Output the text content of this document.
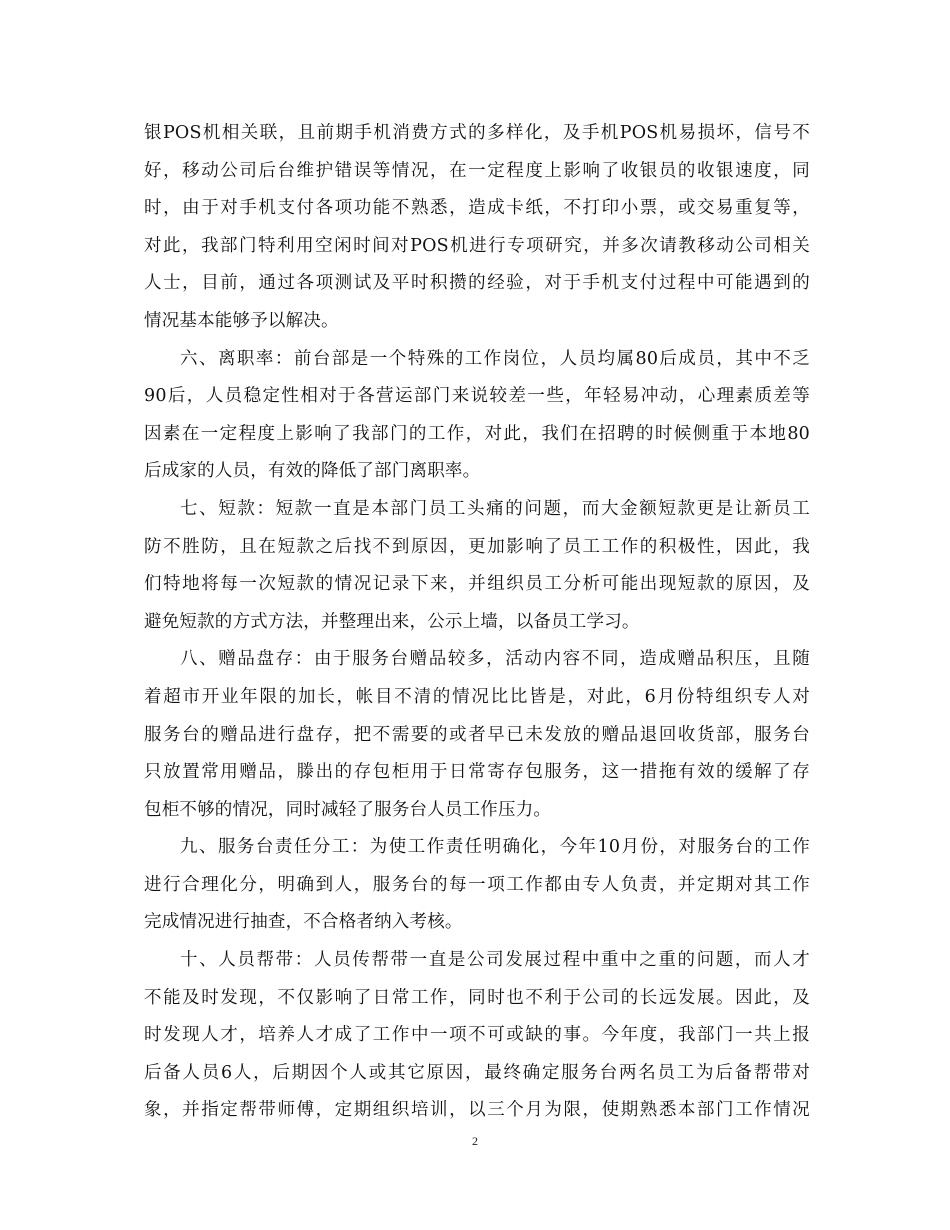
银POS机相关联，且前期手机消费方式的多样化，及手机POS机易损坏，信号不
好，移动公司后台维护错误等情况，在一定程度上影响了收银员的收银速度，同
时，由于对手机支付各项功能不熟悉，造成卡纸，不打印小票，或交易重复等，
对此，我部门特利用空闲时间对POS机进行专项研究，并多次请教移动公司相关
人士，目前，通过各项测试及平时积攒的经验，对于手机支付过程中可能遇到的
情况基本能够予以解决。
六、离职率：前台部是一个特殊的工作岗位，人员均属80后成员，其中不乏
90后，人员稳定性相对于各营运部门来说较差一些，年轻易冲动，心理素质差等
因素在一定程度上影响了我部门的工作，对此，我们在招聘的时候侧重于本地80
后成家的人员，有效的降低了部门离职率。
七、短款：短款一直是本部门员工头痛的问题，而大金额短款更是让新员工
防不胜防，且在短款之后找不到原因，更加影响了员工工作的积极性，因此，我
们特地将每一次短款的情况记录下来，并组织员工分析可能出现短款的原因，及
避免短款的方式方法，并整理出来，公示上墙，以备员工学习。
八、赠品盘存：由于服务台赠品较多，活动内容不同，造成赠品积压，且随
着超市开业年限的加长，帐目不清的情况比比皆是，对此，6月份特组织专人对
服务台的赠品进行盘存，把不需要的或者早已未发放的赠品退回收货部，服务台
只放置常用赠品，滕出的存包柜用于日常寄存包服务，这一措拖有效的缓解了存
包柜不够的情况，同时减轻了服务台人员工作压力。
九、服务台责任分工：为使工作责任明确化，今年10月份，对服务台的工作
进行合理化分，明确到人，服务台的每一项工作都由专人负责，并定期对其工作
完成情况进行抽查，不合格者纳入考核。
十、人员帮带：人员传帮带一直是公司发展过程中重中之重的问题，而人才
不能及时发现，不仅影响了日常工作，同时也不利于公司的长远发展。因此，及
时发现人才，培养人才成了工作中一项不可或缺的事。今年度，我部门一共上报
后备人员6人，后期因个人或其它原因，最终确定服务台两名员工为后备帮带对
象，并指定帮带师傅，定期组织培训，以三个月为限，使期熟悉本部门工作情况
2
